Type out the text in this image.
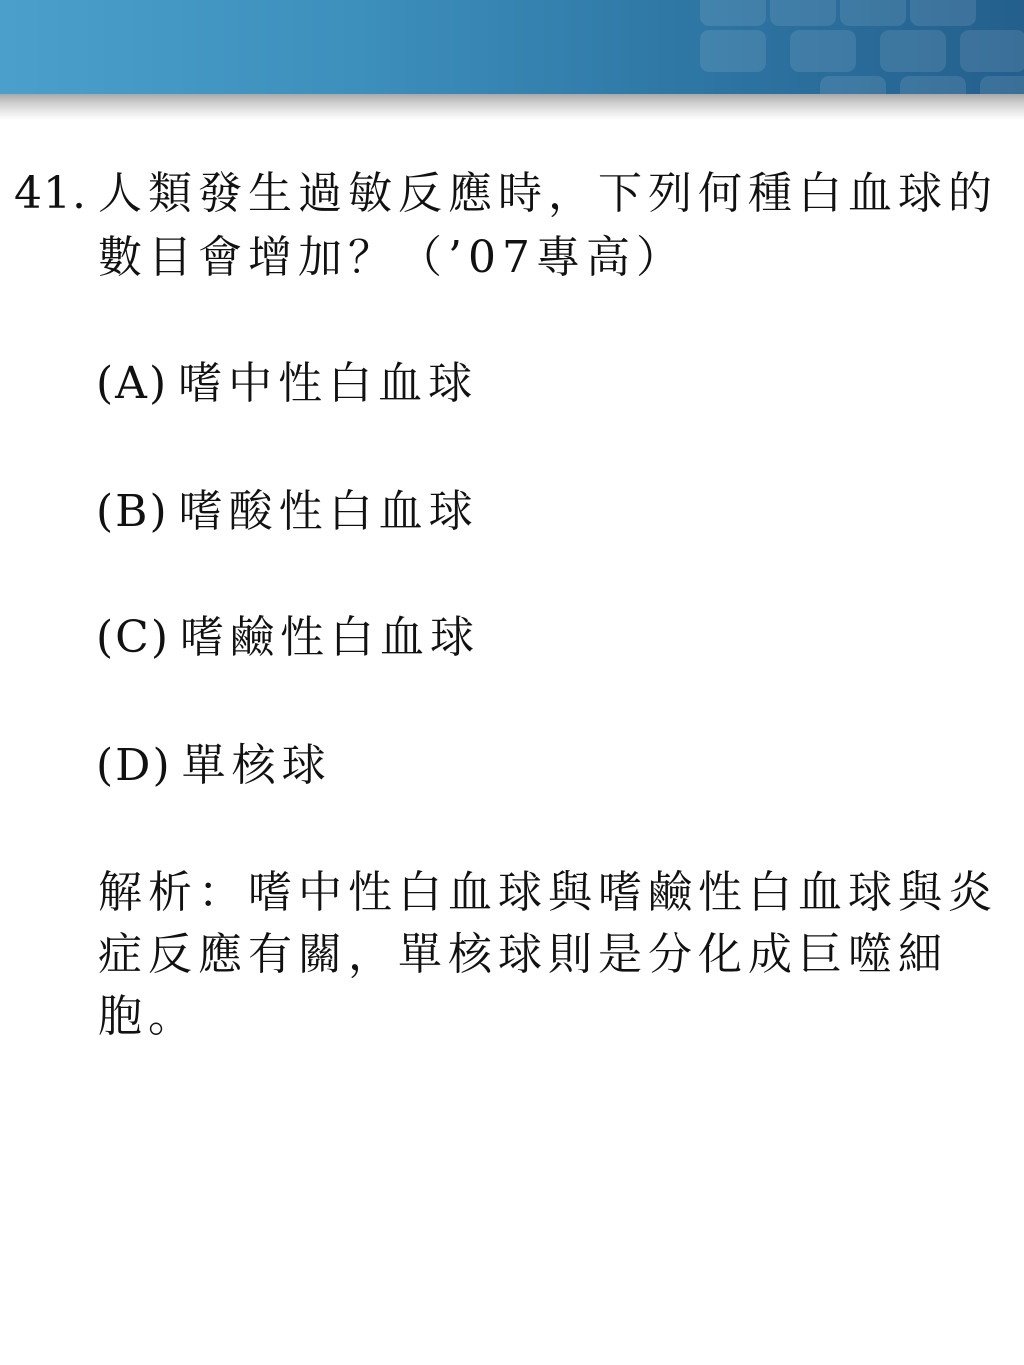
41. 人類發生過敏反應時，下列何種白血球的數目會增加？（’07專高）
(A) 嗜中性白血球
(B) 嗜酸性白血球
(C) 嗜鹼性白血球
(D) 單核球
解析：嗜中性白血球與嗜鹼性白血球與炎症反應有關，單核球則是分化成巨噬細胞。
